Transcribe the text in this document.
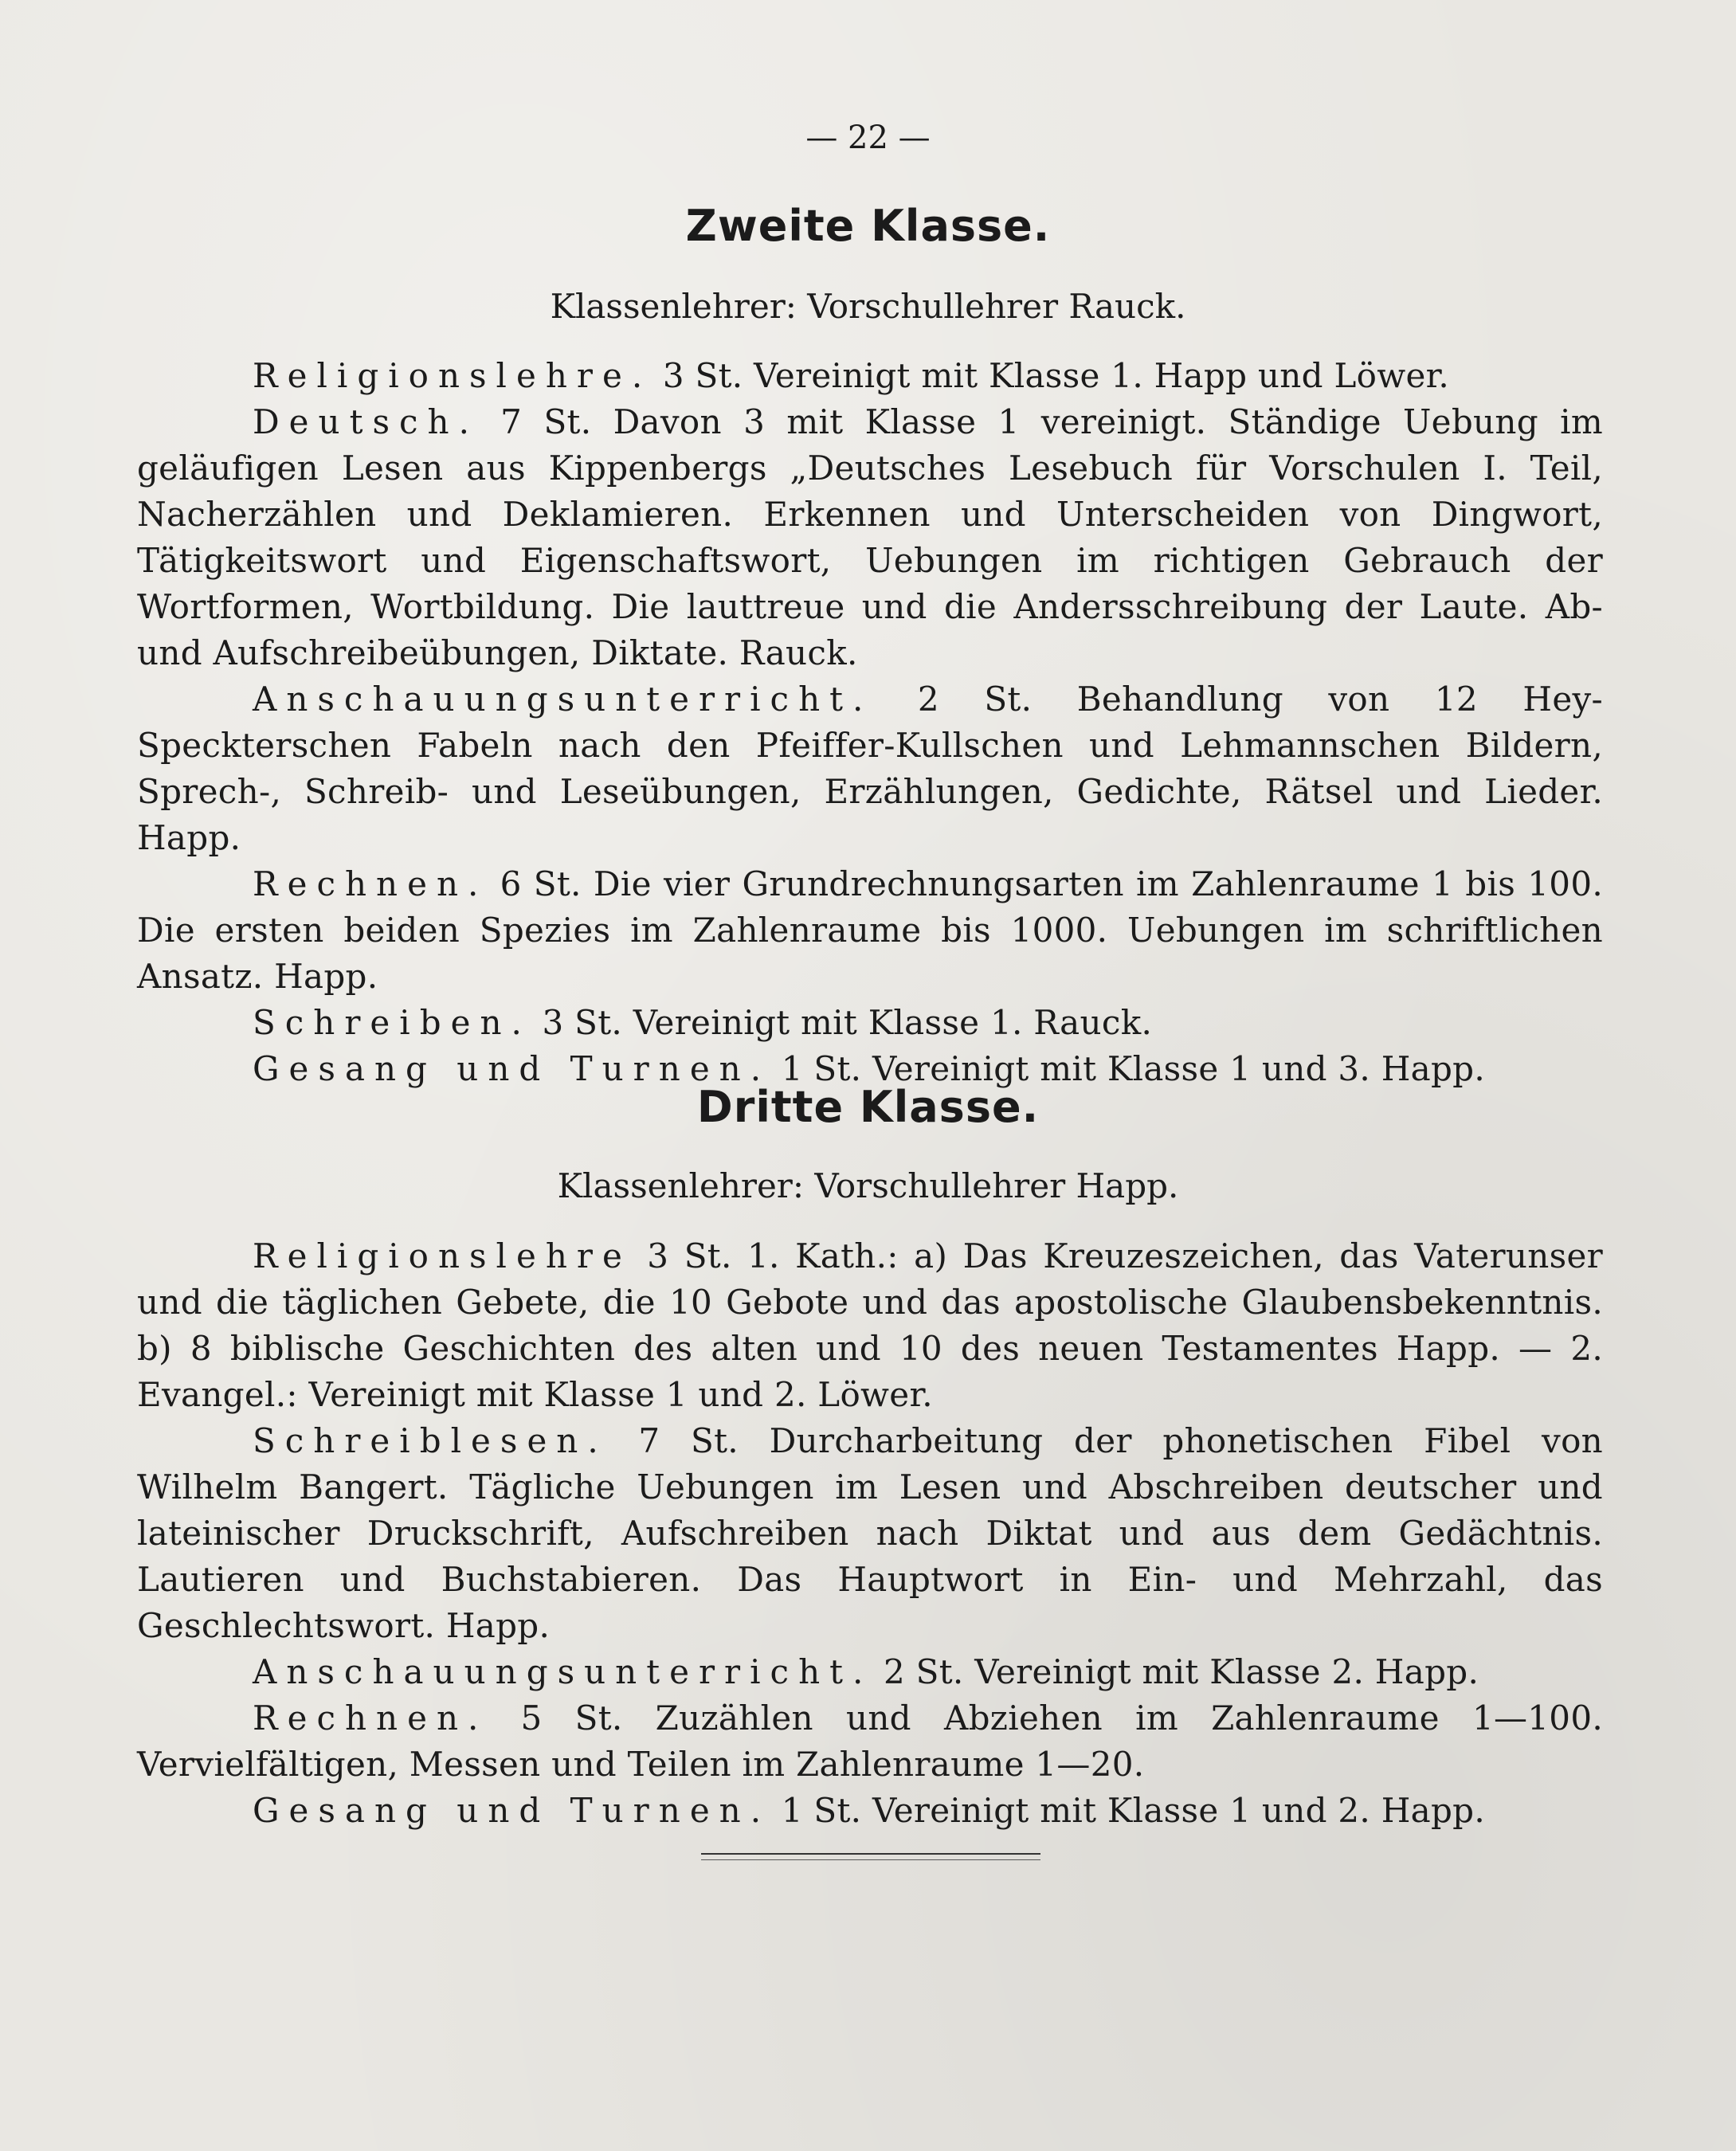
— 22 —
Zweite Klasse.
Klassenlehrer: Vorschullehrer Rauck.

Religionslehre. 3 St. Vereinigt mit Klasse 1. Happ und Löwer.

Deutsch. 7 St. Davon 3 mit Klasse 1 vereinigt. Ständige Uebung im geläufigen Lesen aus Kippenbergs „Deutsches Lesebuch für Vorschulen I. Teil, Nacherzählen und Deklamieren. Erkennen und Unterscheiden von Dingwort, Tätigkeitswort und Eigenschaftswort, Uebungen im richtigen Gebrauch der Wortformen, Wortbildung. Die lauttreue und die Andersschreibung der Laute. Ab- und Aufschreibeübungen, Diktate. Rauck.

Anschauungsunterricht. 2 St. Behandlung von 12 Hey-Speckterschen Fabeln nach den Pfeiffer-Kullschen und Lehmannschen Bildern, Sprech-, Schreib- und Leseübungen, Erzählungen, Gedichte, Rätsel und Lieder. Happ.

Rechnen. 6 St. Die vier Grundrechnungsarten im Zahlenraume 1 bis 100. Die ersten beiden Spezies im Zahlenraume bis 1000. Uebungen im schriftlichen Ansatz. Happ.

Schreiben. 3 St. Vereinigt mit Klasse 1. Rauck.

Gesang und Turnen. 1 St. Vereinigt mit Klasse 1 und 3. Happ.

Dritte Klasse.
Klassenlehrer: Vorschullehrer Happ.

Religionslehre 3 St. 1. Kath.: a) Das Kreuzeszeichen, das Vaterunser und die täglichen Gebete, die 10 Gebote und das apostolische Glaubensbekenntnis. b) 8 biblische Geschichten des alten und 10 des neuen Testamentes Happ. — 2. Evangel.: Vereinigt mit Klasse 1 und 2. Löwer.

Schreiblesen. 7 St. Durcharbeitung der phonetischen Fibel von Wilhelm Bangert. Tägliche Uebungen im Lesen und Abschreiben deutscher und lateinischer Druckschrift, Aufschreiben nach Diktat und aus dem Gedächtnis. Lautieren und Buchstabieren. Das Hauptwort in Ein- und Mehrzahl, das Geschlechtswort. Happ.

Anschauungsunterricht. 2 St. Vereinigt mit Klasse 2. Happ.

Rechnen. 5 St. Zuzählen und Abziehen im Zahlenraume 1—100. Vervielfältigen, Messen und Teilen im Zahlenraume 1—20.

Gesang und Turnen. 1 St. Vereinigt mit Klasse 1 und 2. Happ.
